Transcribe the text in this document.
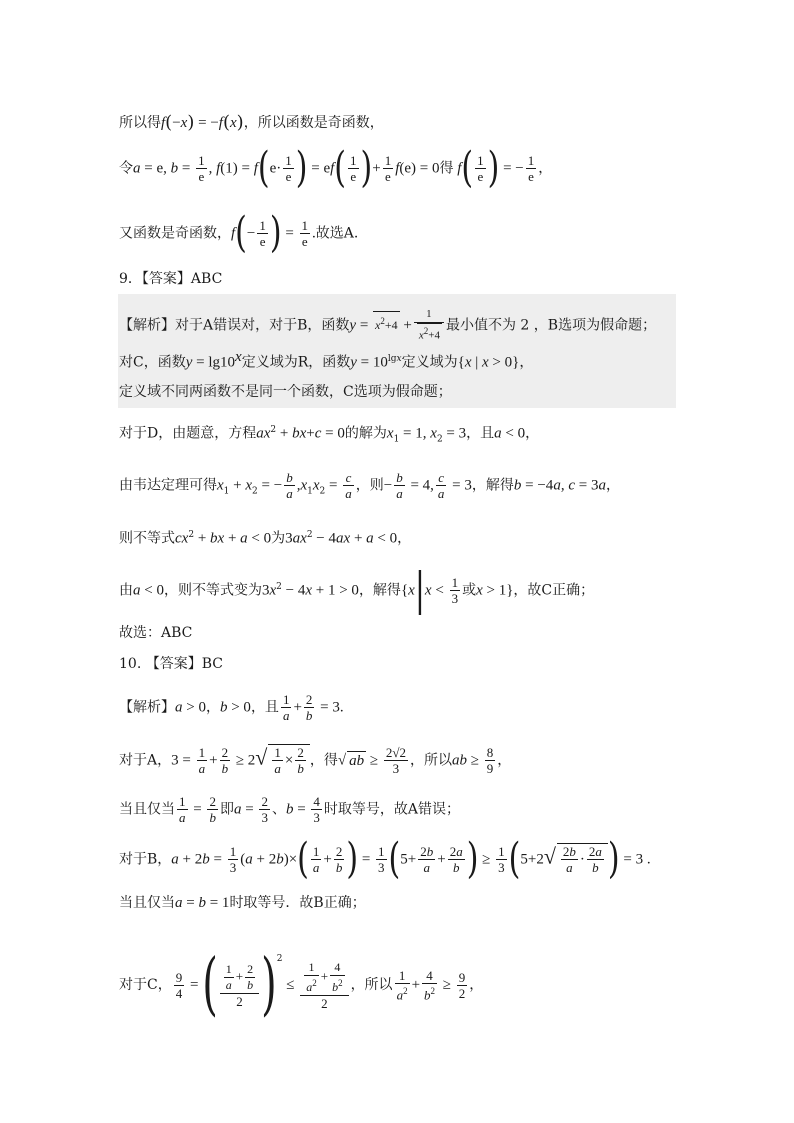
所以得f(−x) = −f(x)，所以函数是奇函数，
令a = e, $b = \frac{1}{e}$ , $f(1) = f(e\cdot \frac{1}{e}$ ) = $ef( \frac{1}{e}$ )+ $\frac{1}{e} f(e) = 0$得 $f( \frac{1}{e}$ ) = − $\frac{1}{e}$ ，
又函数是奇函数，$f(- \frac{1}{e}$ ) = $\frac{1}{e}$ .故选A.
9．【答案】ABC
【解析】对于A错误对，对于B，函数$y = x^2+4 + \frac{1}{x^2+4}$ 最小值不为 2 ，B选项为假命题；
对C，函数$y = \lg 10^x$定义域为R，函数$y = 10^{lgx}$定义域为{x | x > 0}，
定义域不同两函数不是同一个函数，C选项为假命题；
对于D，由题意，方程$ax^2 + bx+c = 0$的解为$x_1 = 1$, $x_2 = 3$，且a < 0，
由韦达定理可得$x_1 + x_2$ = − $\frac{b}{a} ,x_1x_2 = \frac{c}{a}$ ，则− $\frac{b}{a} = 4$, $\frac{c}{a} = 3$，解得b = −4a, c = 3a，
则不等式$cx^2$ + bx + a < 0为$3ax^2 - 4ax + a < 0$，
由a < 0，则不等式变为$3x^2 - 4x + 1 > 0$，解得{$x|x < \frac{1}{3}$ 或x > 1}，故C正确；
故选：ABC
10. 【答案】BC
【解析】a > 0，b > 0，且 $\frac{1}{a} + \frac{2}{b} = 3$.
对于A，$3 = \frac{1}{a} + \frac{2}{b} \ge 2√ \frac{1}{a} \times \frac{2}{b}$ ，得√ ab ≥ $\frac{2√2}{3}$ ，所以ab ≥ $\frac{8}{9}$ ，
当且仅当 $\frac{1}{a} = \frac{2}{b}$ 即$a = \frac{2}{3}$ 、$b = \frac{4}{3}$ 时取等号，故A错误；
对于B，$a + 2b = \frac{1}{3} (a + 2b)\times( \frac{1}{a} + \frac{2}{b}$ ) = $\frac{1}{3} (5+ \frac{2b}{a} + \frac{2a}{b}$ ) ≥ $\frac{1}{3} (5+2√ \frac{2b}{a} \cdot \frac{2a}{b}$ ) = 3 .
当且仅当a = b = 1时取等号．故B正确；
对于C， $\frac{9}{4}$ = ( $\frac{\frac{1}{a} + \frac{2}{b}}{2} )^2 \le \frac{\frac{1}{a^2} + \frac{4}{b^2}}{2}$ ，所以 $\frac{1}{a^2} + \frac{4}{b^2} \ge \frac{9}{2}$ ，
